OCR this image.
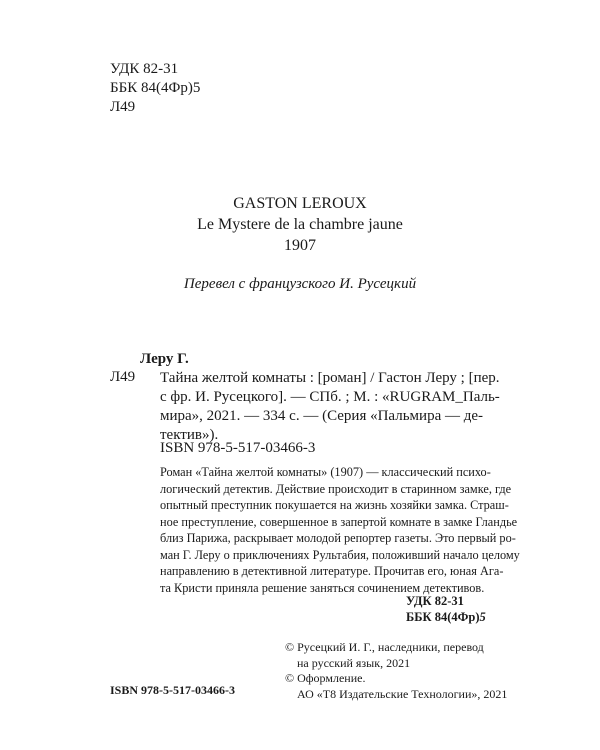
УДК 82-31
ББК 84(4Фр)5
Л49
GASTON LEROUX
Le Mystere de la chambre jaune
1907
Перевел с французского И. Русецкий
Леру Г.
Л49 Тайна желтой комнаты : [роман] / Гастон Леру ; [пер.
с фр. И. Русецкого]. — СПб. ; М. : «RUGRAM_Паль-
мира», 2021. — 334 с. — (Серия «Пальмира — де-
тектив»).
ISBN 978-5-517-03466-3
Роман «Тайна желтой комнаты» (1907) — классический психо-
логический детектив. Действие происходит в старинном замке, где
опытный преступник покушается на жизнь хозяйки замка. Страш-
ное преступление, совершенное в запертой комнате в замке Гландье
близ Парижа, раскрывает молодой репортер газеты. Это первый ро-
ман Г. Леру о приключениях Рультабия, положивший начало целому
направлению в детективной литературе. Прочитав его, юная Ага-
та Кристи приняла решение заняться сочинением детективов.
УДК 82-31
ББК 84(4Фр)5
© Русецкий И. Г., наследники, перевод
на русский язык, 2021
© Оформление.
АО «Т8 Издательские Технологии», 2021
ISBN 978-5-517-03466-3
